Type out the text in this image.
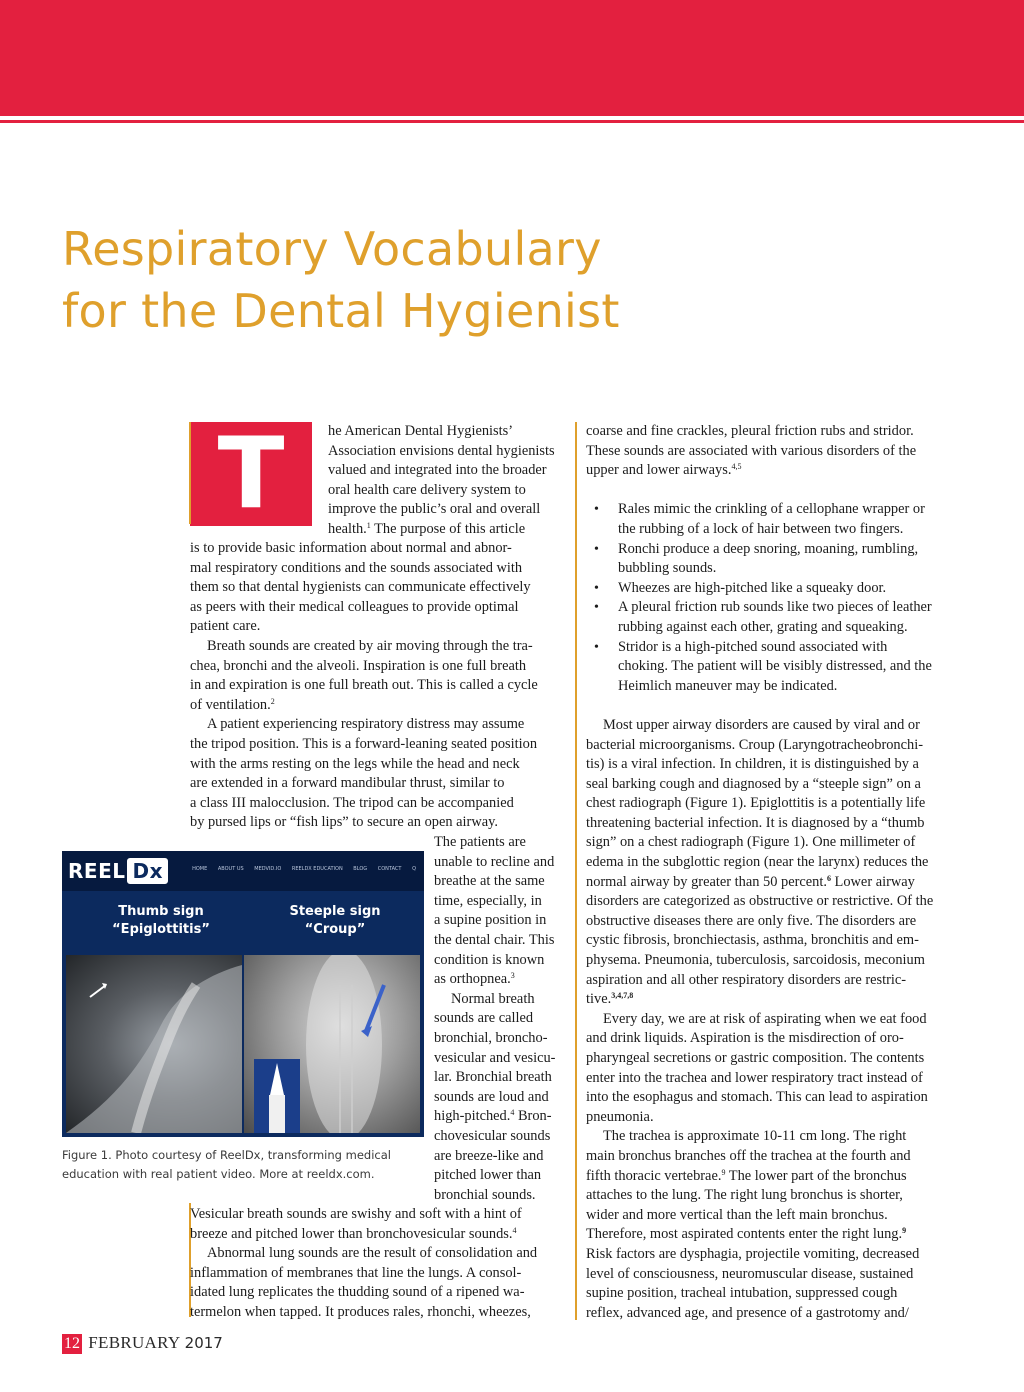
Respiratory Vocabulary
for the Dental Hygienist
T	he American Dental Hygienists’
Association envisions dental hygienists
valued and integrated into the broader
oral health care delivery system to
improve the public’s oral and overall
health.$^1$ The purpose of this article
is to provide basic information about normal and abnor-
mal respiratory conditions and the sounds associated with
them so that dental hygienists can communicate effectively
as peers with their medical colleagues to provide optimal
patient care.
Breath sounds are created by air moving through the tra-
chea, bronchi and the alveoli. Inspiration is one full breath
in and expiration is one full breath out. This is called a cycle
of ventilation.$^2$
A patient experiencing respiratory distress may assume
the tripod position. This is a forward-leaning seated position
with the arms resting on the legs while the head and neck
are extended in a forward mandibular thrust, similar to
a class III malocclusion. The tripod can be accompanied
by pursed lips or “fish lips” to secure an open airway.
The patients are
unable to recline and
breathe at the same
time, especially, in
a supine position in
the dental chair. This
condition is known
as orthopnea.$^3$
Normal breath
sounds are called
bronchial, broncho-
vesicular and vesicu-
lar. Bronchial breath
sounds are loud and
high-pitched.$^4$ Bron-
chovesicular sounds
are breeze-like and
pitched lower than
bronchial sounds.
Vesicular breath sounds are swishy and soft with a hint of
breeze and pitched lower than bronchovesicular sounds.$^4$
Abnormal lung sounds are the result of consolidation and
inflammation of membranes that line the lungs. A consol-
idated lung replicates the thudding sound of a ripened wa-
termelon when tapped. It produces rales, rhonchi, wheezes,
coarse and fine crackles, pleural friction rubs and stridor.
These sounds are associated with various disorders of the
upper and lower airways.$^{4,5}$
• Rales mimic the crinkling of a cellophane wrapper or
the rubbing of a lock of hair between two fingers.
• Ronchi produce a deep snoring, moaning, rumbling,
bubbling sounds.
• Wheezes are high-pitched like a squeaky door.
• A pleural friction rub sounds like two pieces of leather
rubbing against each other, grating and squeaking.
• Stridor is a high-pitched sound associated with
choking. The patient will be visibly distressed, and the
Heimlich maneuver may be indicated.
Most upper airway disorders are caused by viral and or
bacterial microorganisms. Croup (Laryngotracheobronchi-
tis) is a viral infection. In children, it is distinguished by a
seal barking cough and diagnosed by a “steeple sign” on a
chest radiograph (Figure 1). Epiglottitis is a potentially life
threatening bacterial infection. It is diagnosed by a “thumb
sign” on a chest radiograph (Figure 1). One millimeter of
edema in the subglottic region (near the larynx) reduces the
normal airway by greater than 50 percent.$^6$ Lower airway
disorders are categorized as obstructive or restrictive. Of the
obstructive diseases there are only five. The disorders are
cystic fibrosis, bronchiectasis, asthma, bronchitis and em-
physema. Pneumonia, tuberculosis, sarcoidosis, meconium
aspiration and all other respiratory disorders are restric-
tive.$^{3,4,7,8}$
Every day, we are at risk of aspirating when we eat food
and drink liquids. Aspiration is the misdirection of oro-
pharyngeal secretions or gastric composition. The contents
enter into the trachea and lower respiratory tract instead of
into the esophagus and stomach. This can lead to aspiration
pneumonia.
The trachea is approximate 10-11 cm long. The right
main bronchus branches off the trachea at the fourth and
fifth thoracic vertebrae.$^9$ The lower part of the bronchus
attaches to the lung. The right lung bronchus is shorter,
wider and more vertical than the left main bronchus.
Therefore, most aspirated contents enter the right lung.$^9$
Risk factors are dysphagia, projectile vomiting, decreased
level of consciousness, neuromuscular disease, sustained
supine position, tracheal intubation, suppressed cough
reflex, advanced age, and presence of a gastrotomy and/
REEL Dx	HOME ABOUT US MEDVID.IO REELDX EDUCATION BLOG CONTACT Q
Thumb sign
“Epiglottitis”
Steeple sign
“Croup”
Figure 1. Photo courtesy of ReelDx, transforming medical
education with real patient video. More at reeldx.com.
12 FEBRUARY 2017
